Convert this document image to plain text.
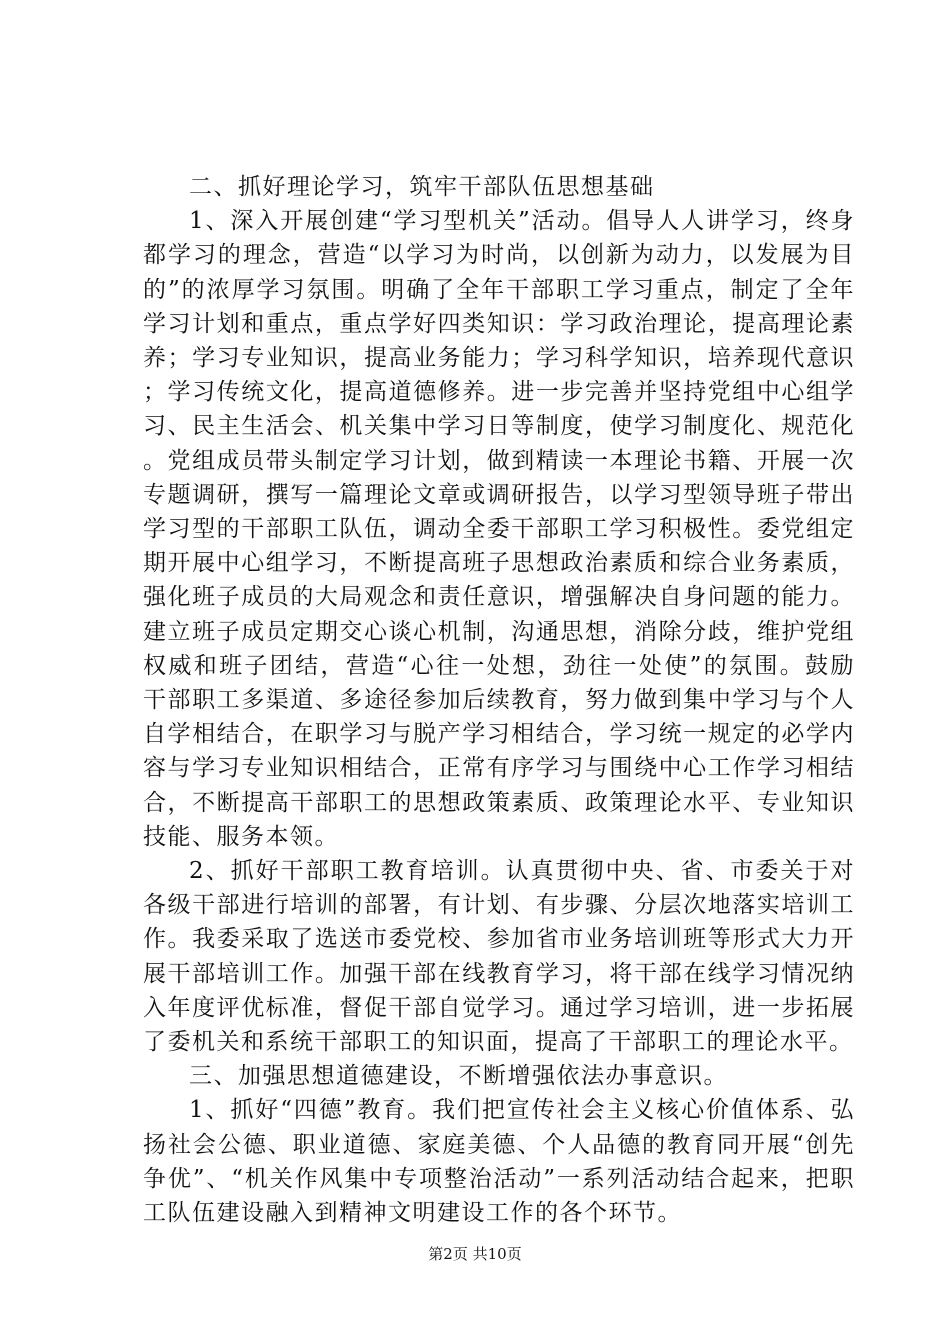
二、抓好理论学习，筑牢干部队伍思想基础

1、深入开展创建“学习型机关”活动。倡导人人讲学习，终身都学习的理念，营造“以学习为时尚，以创新为动力，以发展为目的”的浓厚学习氛围。明确了全年干部职工学习重点，制定了全年学习计划和重点，重点学好四类知识：学习政治理论，提高理论素养；学习专业知识，提高业务能力；学习科学知识，培养现代意识；学习传统文化，提高道德修养。进一步完善并坚持党组中心组学习、民主生活会、机关集中学习日等制度，使学习制度化、规范化。党组成员带头制定学习计划，做到精读一本理论书籍、开展一次专题调研，撰写一篇理论文章或调研报告，以学习型领导班子带出学习型的干部职工队伍，调动全委干部职工学习积极性。委党组定期开展中心组学习，不断提高班子思想政治素质和综合业务素质，强化班子成员的大局观念和责任意识，增强解决自身问题的能力。建立班子成员定期交心谈心机制，沟通思想，消除分歧，维护党组权威和班子团结，营造“心往一处想，劲往一处使”的氛围。鼓励干部职工多渠道、多途径参加后续教育，努力做到集中学习与个人自学相结合，在职学习与脱产学习相结合，学习统一规定的必学内容与学习专业知识相结合，正常有序学习与围绕中心工作学习相结合，不断提高干部职工的思想政策素质、政策理论水平、专业知识技能、服务本领。

2、抓好干部职工教育培训。认真贯彻中央、省、市委关于对各级干部进行培训的部署，有计划、有步骤、分层次地落实培训工作。我委采取了选送市委党校、参加省市业务培训班等形式大力开展干部培训工作。加强干部在线教育学习，将干部在线学习情况纳入年度评优标准，督促干部自觉学习。通过学习培训，进一步拓展了委机关和系统干部职工的知识面，提高了干部职工的理论水平。

三、加强思想道德建设，不断增强依法办事意识。

1、抓好“四德”教育。我们把宣传社会主义核心价值体系、弘扬社会公德、职业道德、家庭美德、个人品德的教育同开展“创先争优”、“机关作风集中专项整治活动”一系列活动结合起来，把职工队伍建设融入到精神文明建设工作的各个环节。

第2页 共10页
